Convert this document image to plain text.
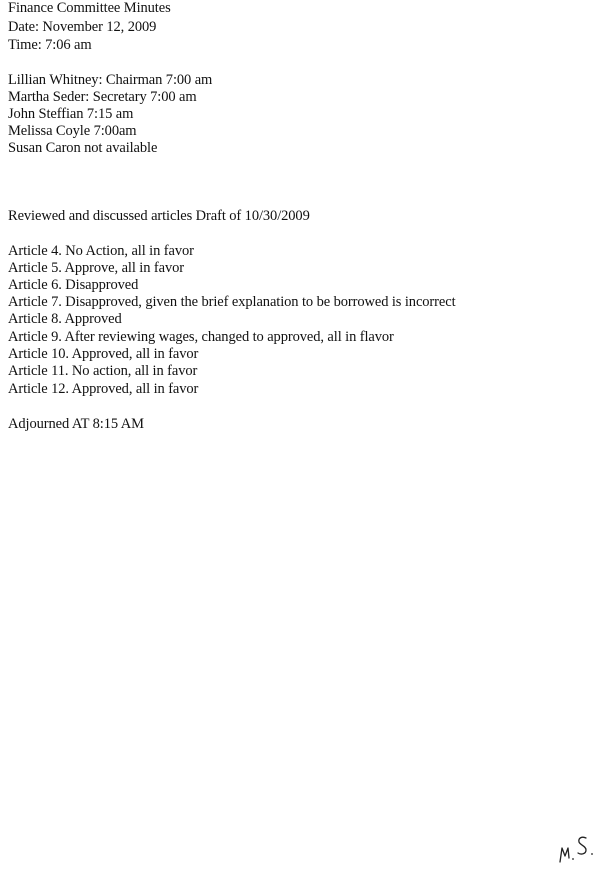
Finance Committee Minutes
Date: November 12, 2009
Time: 7:06 am
Lillian Whitney: Chairman 7:00 am
Martha Seder: Secretary 7:00 am
John Steffian 7:15 am
Melissa Coyle 7:00am
Susan Caron not available
Reviewed and discussed articles Draft of 10/30/2009
Article 4. No Action, all in favor
Article 5. Approve, all in favor
Article 6. Disapproved
Article 7. Disapproved, given the brief explanation to be borrowed is incorrect
Article 8. Approved
Article 9. After reviewing wages, changed to approved, all in flavor
Article 10. Approved, all in favor
Article 11. No action, all in favor
Article 12. Approved, all in favor
Adjourned AT 8:15 AM
